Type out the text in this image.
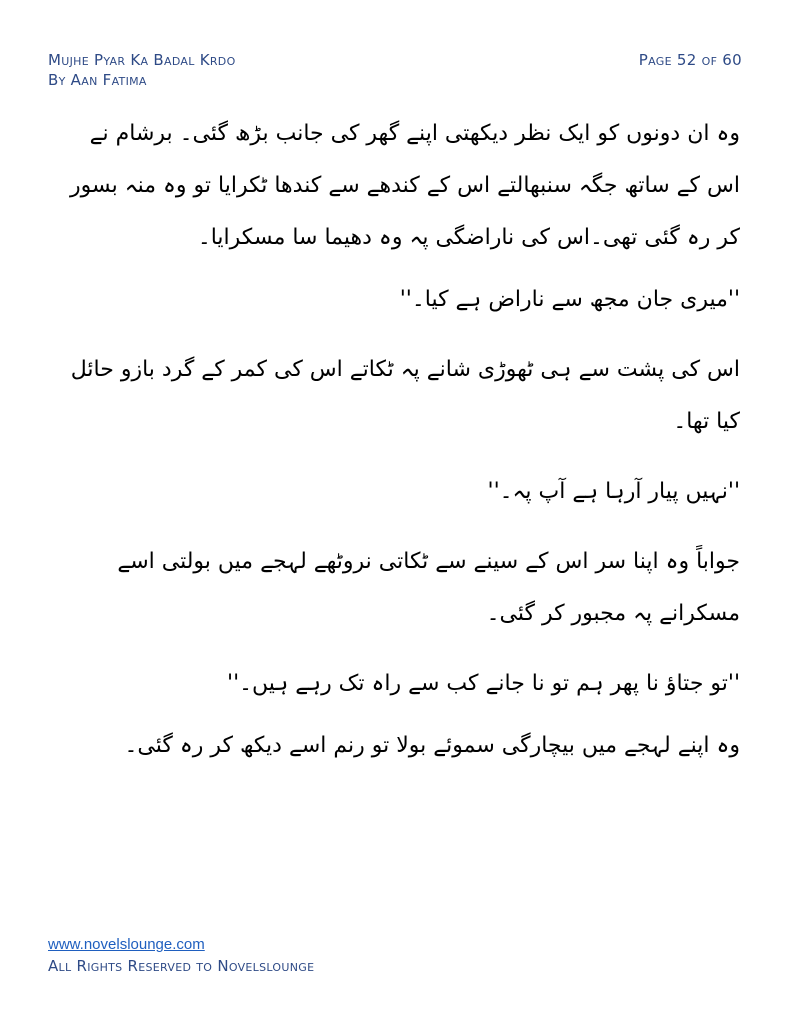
Mujhe Pyar Ka Badal Krdo
By Aan Fatima
Page 52 of 60

وہ ان دونوں کو ایک نظر دیکھتی اپنے گھر کی جانب بڑھ گئی۔ برشام نے اس کے ساتھ جگہ سنبھالتے اس کے کندھے سے کندھا ٹکرایا تو وہ منہ بسور کر رہ گئی تھی۔اس کی ناراضگی پہ وہ دھیما سا مسکرایا۔

''میری جان مجھ سے ناراض ہے کیا۔''

اس کی پشت سے ہی ٹھوڑی شانے پہ ٹکاتے اس کی کمر کے گرد بازو حائل کیا تھا۔

''نہیں پیار آرہا ہے آپ پہ۔''

جواباً وہ اپنا سر اس کے سینے سے ٹکاتی نروٹھے لہجے میں بولتی اسے مسکرانے پہ مجبور کر گئی۔

''تو جتاؤ نا پھر ہم تو نا جانے کب سے راہ تک رہے ہیں۔''

وہ اپنے لہجے میں بیچارگی سموئے بولا تو رنم اسے دیکھ کر رہ گئی۔

www.novelslounge.com
All Rights Reserved to Novelslounge
